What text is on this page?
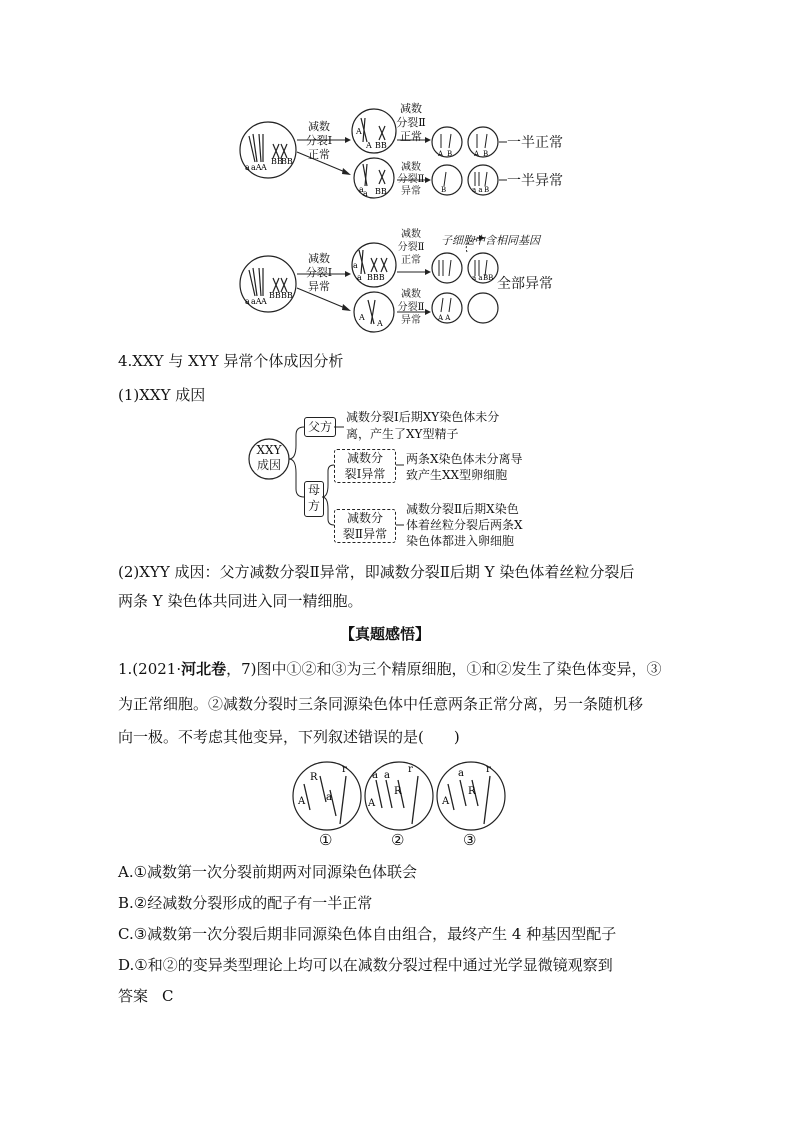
a aA A
BB
BB
A
A BB
a a BB
A B	A B
B	a a B
减数
分裂Ⅰ
正常
减数
分裂Ⅱ
正常
减数
分裂Ⅱ
异常
一半正常
一半异常
a aA A
BB BB
a
a BBB
A
A
a a BB
A A
子细胞中含相同基因
减数
分裂Ⅰ
异常
减数
分裂Ⅱ
正常
减数
分裂Ⅱ
异常
全部异常
4.XXY 与 XYY 异常个体成因分析
(1)XXY 成因
XXY
成因
父方
减数分裂Ⅰ后期XY染色体未分
离，产生了XY型精子
母
方
减数分
裂Ⅰ异常
两条X染色体未分离导
致产生XX型卵细胞
减数分
裂Ⅱ异常
减数分裂Ⅱ后期X染色
体着丝粒分裂后两条X
染色体都进入卵细胞
(2)XYY 成因：父方减数分裂Ⅱ异常，即减数分裂Ⅱ后期 Y 染色体着丝粒分裂后
两条 Y 染色体共同进入同一精细胞。
【真题感悟】
1.(2021·河北卷，7)图中①②和③为三个精原细胞，①和②发生了染色体变异，③
为正常细胞。②减数分裂时三条同源染色体中任意两条正常分离，另一条随机移
向一极。不考虑其他变异，下列叙述错误的是(　　)
R
r
A a
a a
r
A
R
a r
A
R
①	②	③
A.①减数第一次分裂前期两对同源染色体联会
B.②经减数分裂形成的配子有一半正常
C.③减数第一次分裂后期非同源染色体自由组合，最终产生 4 种基因型配子
D.①和②的变异类型理论上均可以在减数分裂过程中通过光学显微镜观察到
答案 C
